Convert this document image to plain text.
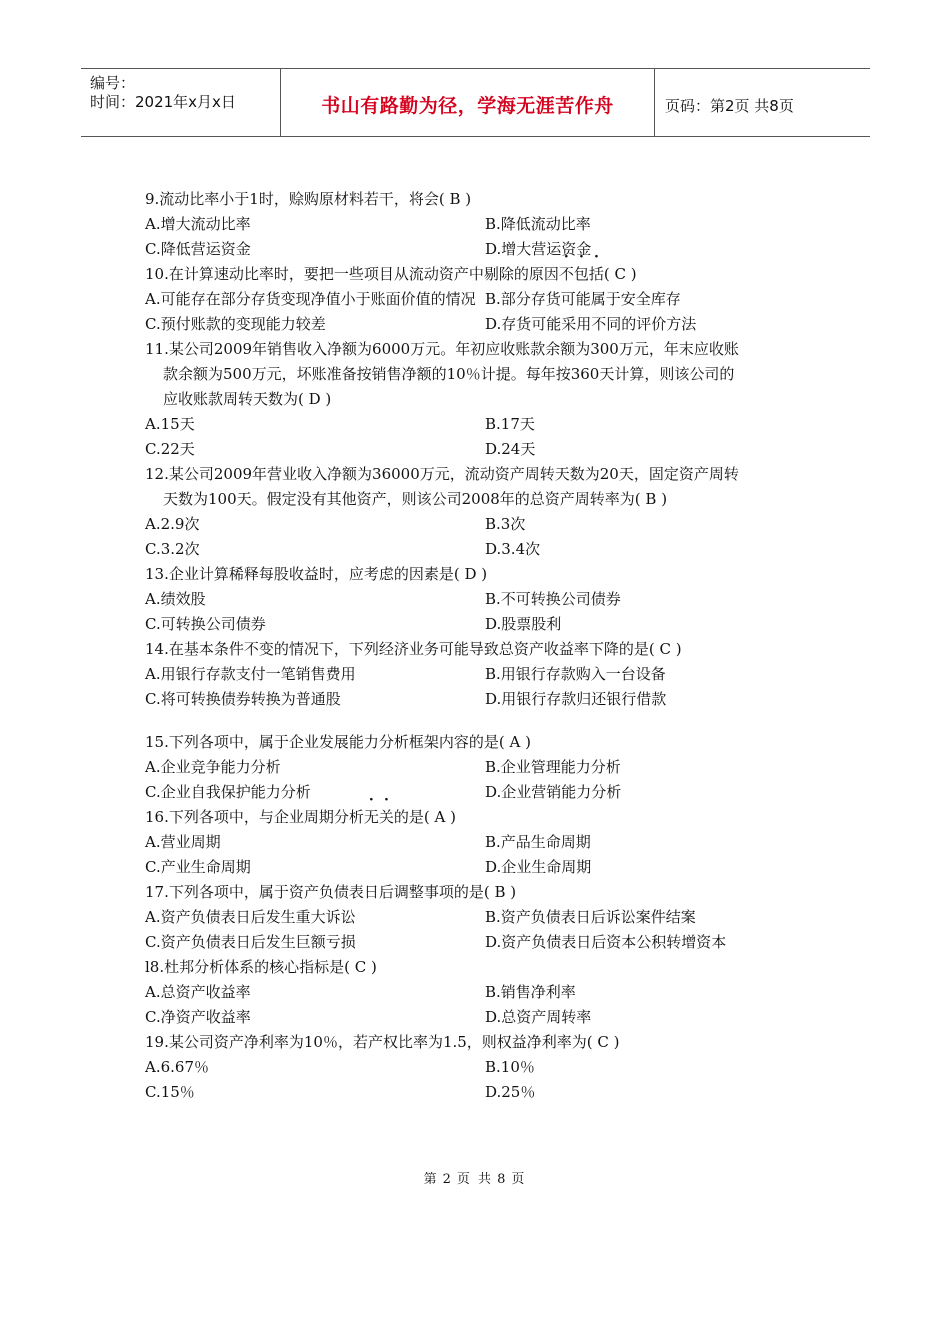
编号：
时间：2021年x月x日	书山有路勤为径，学海无涯苦作舟	页码：第2页 共8页
9.流动比率小于1时，赊购原材料若干，将会( B )
A.增大流动比率	B.降低流动比率
C.降低营运资金	D.增大营运资金
10.在计算速动比率时，要把一些项目从流动资产中剔除的原因不包括( C )
A.可能存在部分存货变现净值小于账面价值的情况 B.部分存货可能属于安全库存
C.预付账款的变现能力较差	D.存货可能采用不同的评价方法
11.某公司2009年销售收入净额为6000万元。年初应收账款余额为300万元，年末应收账
款余额为500万元，坏账准备按销售净额的10％计提。每年按360天计算，则该公司的
应收账款周转天数为( D )
A.15天	B.17天
C.22天	D.24天
12.某公司2009年营业收入净额为36000万元，流动资产周转天数为20天，固定资产周转
天数为100天。假定没有其他资产，则该公司2008年的总资产周转率为( B )
A.2.9次	B.3次
C.3.2次	D.3.4次
13.企业计算稀释每股收益时，应考虑的因素是( D )
A.绩效股	B.不可转换公司债券
C.可转换公司债券	D.股票股利
14.在基本条件不变的情况下，下列经济业务可能导致总资产收益率下降的是( C )
A.用银行存款支付一笔销售费用	B.用银行存款购入一台设备
C.将可转换债券转换为普通股	D.用银行存款归还银行借款
15.下列各项中，属于企业发展能力分析框架内容的是( A )
A.企业竞争能力分析	B.企业管理能力分析
C.企业自我保护能力分析	D.企业营销能力分析
16.下列各项中，与企业周期分析无关的是( A )
A.营业周期	B.产品生命周期
C.产业生命周期	D.企业生命周期
17.下列各项中，属于资产负债表日后调整事项的是( B )
A.资产负债表日后发生重大诉讼	B.资产负债表日后诉讼案件结案
C.资产负债表日后发生巨额亏损	D.资产负债表日后资本公积转增资本
l8.杜邦分析体系的核心指标是( C )
A.总资产收益率	B.销售净利率
C.净资产收益率	D.总资产周转率
19.某公司资产净利率为10％，若产权比率为1.5，则权益净利率为( C )
A.6.67％	B.10％
C.15％	D.25％
第 2 页 共 8 页
